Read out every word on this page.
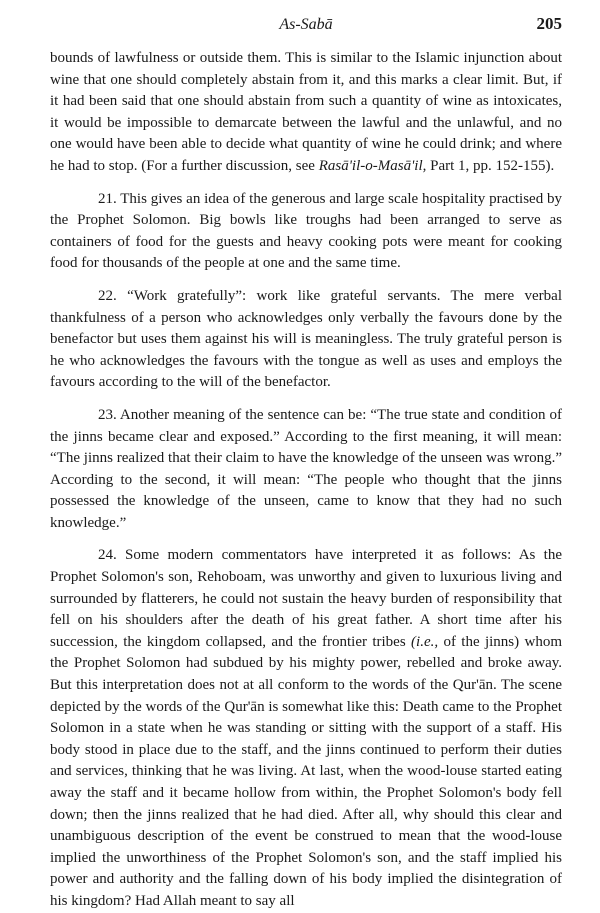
As-Sabā	205

bounds of lawfulness or outside them. This is similar to the Islamic injunction about wine that one should completely abstain from it, and this marks a clear limit. But, if it had been said that one should abstain from such a quantity of wine as intoxicates, it would be impossible to demarcate between the lawful and the unlawful, and no one would have been able to decide what quantity of wine he could drink; and where he had to stop. (For a further discussion, see Rasā'il-o-Masā'il, Part 1, pp. 152-155).

21. This gives an idea of the generous and large scale hospitality practised by the Prophet Solomon. Big bowls like troughs had been arranged to serve as containers of food for the guests and heavy cooking pots were meant for cooking food for thousands of the people at one and the same time.

22. “Work gratefully”: work like grateful servants. The mere verbal thankfulness of a person who acknowledges only verbally the favours done by the benefactor but uses them against his will is meaningless. The truly grateful person is he who acknowledges the favours with the tongue as well as uses and employs the favours according to the will of the benefactor.

23. Another meaning of the sentence can be: “The true state and condition of the jinns became clear and exposed.” According to the first meaning, it will mean: “The jinns realized that their claim to have the knowledge of the unseen was wrong.” According to the second, it will mean: “The people who thought that the jinns possessed the knowledge of the unseen, came to know that they had no such knowledge.”

24. Some modern commentators have interpreted it as follows: As the Prophet Solomon's son, Rehoboam, was unworthy and given to luxurious living and surrounded by flatterers, he could not sustain the heavy burden of responsibility that fell on his shoulders after the death of his great father. A short time after his succession, the kingdom collapsed, and the frontier tribes (i.e., of the jinns) whom the Prophet Solomon had subdued by his mighty power, rebelled and broke away. But this interpretation does not at all conform to the words of the Qur'ān. The scene depicted by the words of the Qur'ān is somewhat like this: Death came to the Prophet Solomon in a state when he was standing or sitting with the support of a staff. His body stood in place due to the staff, and the jinns continued to perform their duties and services, thinking that he was living. At last, when the wood-louse started eating away the staff and it became hollow from within, the Prophet Solomon's body fell down; then the jinns realized that he had died. After all, why should this clear and unambiguous description of the event be construed to mean that the wood-louse implied the unworthiness of the Prophet Solomon's son, and the staff implied his power and authority and the falling down of his body implied the disintegration of his kingdom? Had Allah meant to say all
